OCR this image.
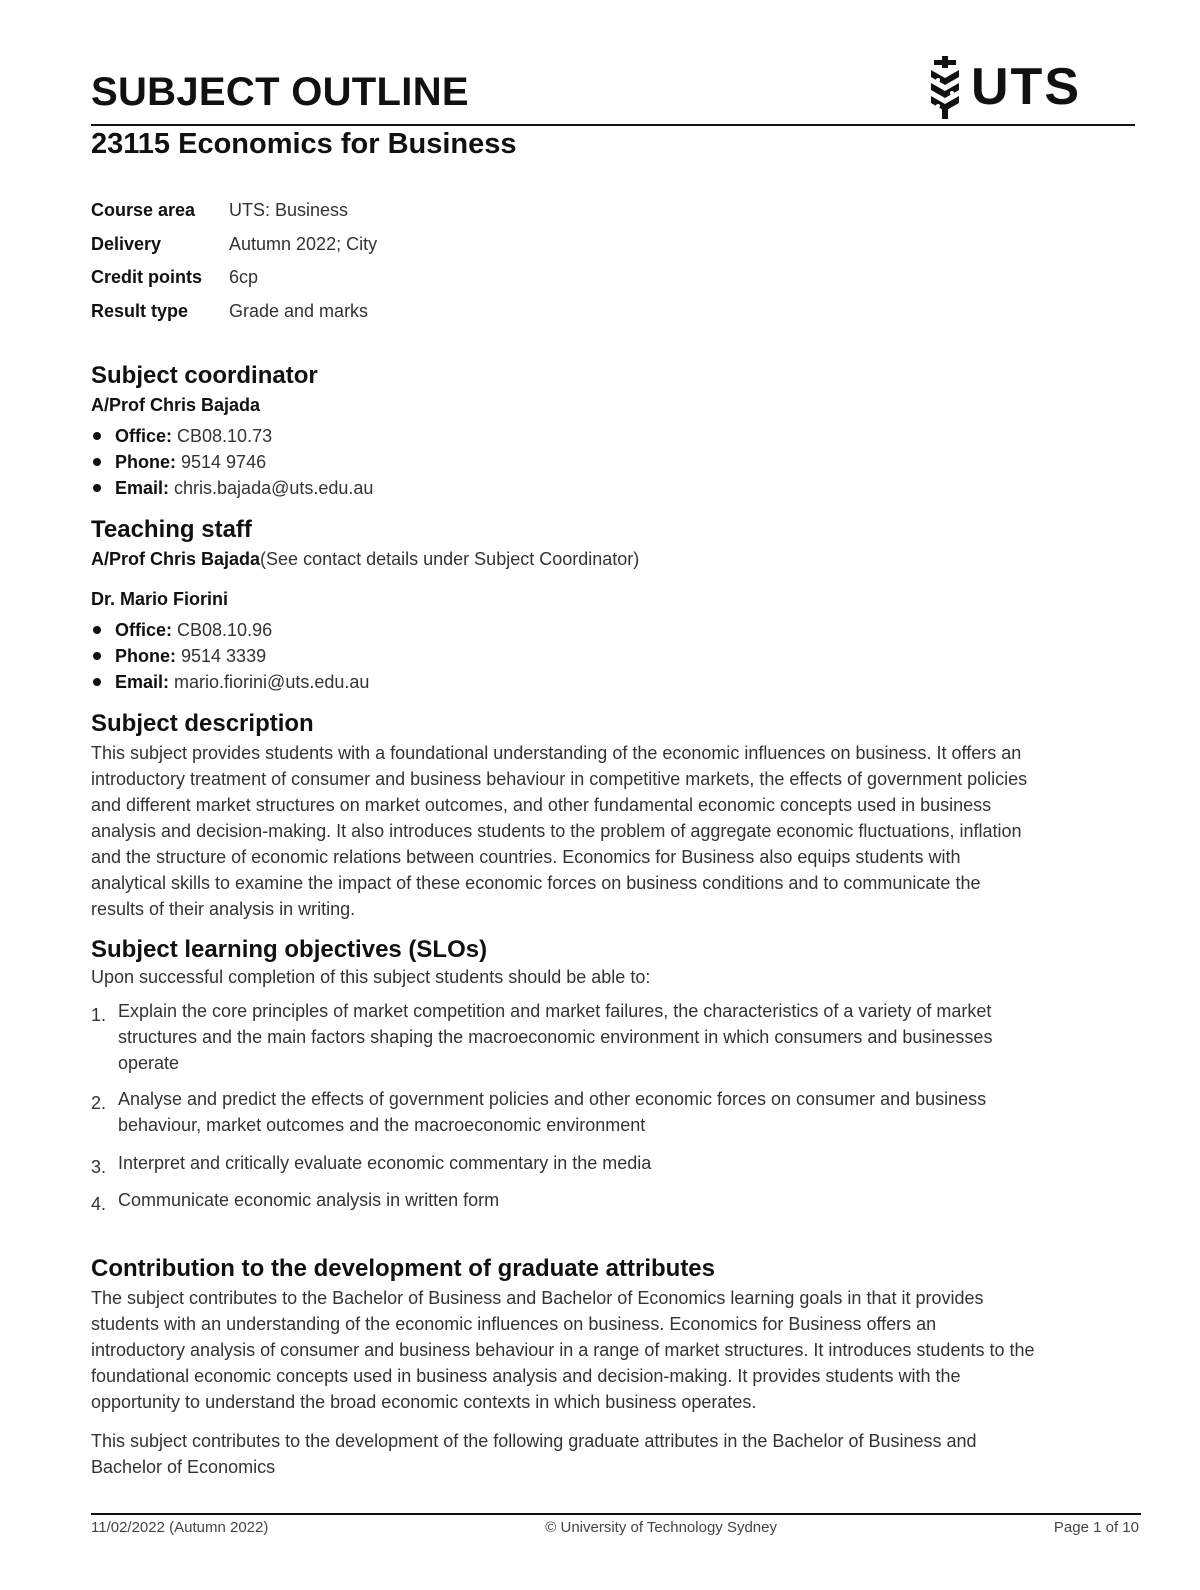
SUBJECT OUTLINE	UTS
23115 Economics for Business
Course area	UTS: Business
Delivery	Autumn 2022; City
Credit points	6cp
Result type	Grade and marks
Subject coordinator

A/Prof Chris Bajada

Office: CB08.10.73
Phone: 9514 9746
Email: chris.bajada@uts.edu.au
Teaching staff

A/Prof Chris Bajada(See contact details under Subject Coordinator)

Dr. Mario Fiorini

Office: CB08.10.96
Phone: 9514 3339
Email: mario.fiorini@uts.edu.au
Subject description
This subject provides students with a foundational understanding of the economic influences on business. It offers an
introductory treatment of consumer and business behaviour in competitive markets, the effects of government policies
and different market structures on market outcomes, and other fundamental economic concepts used in business
analysis and decision-making. It also introduces students to the problem of aggregate economic fluctuations, inflation
and the structure of economic relations between countries. Economics for Business also equips students with
analytical skills to examine the impact of these economic forces on business conditions and to communicate the
results of their analysis in writing.
Subject learning objectives (SLOs)

Upon successful completion of this subject students should be able to:

1. Explain the core principles of market competition and market failures, the characteristics of a variety of market
structures and the main factors shaping the macroeconomic environment in which consumers and businesses
operate
2. Analyse and predict the effects of government policies and other economic forces on consumer and business
behaviour, market outcomes and the macroeconomic environment
3. Interpret and critically evaluate economic commentary in the media
4. Communicate economic analysis in written form
Contribution to the development of graduate attributes
The subject contributes to the Bachelor of Business and Bachelor of Economics learning goals in that it provides
students with an understanding of the economic influences on business. Economics for Business offers an
introductory analysis of consumer and business behaviour in a range of market structures. It introduces students to the
foundational economic concepts used in business analysis and decision-making. It provides students with the
opportunity to understand the broad economic contexts in which business operates.
This subject contributes to the development of the following graduate attributes in the Bachelor of Business and
Bachelor of Economics
11/02/2022 (Autumn 2022)	© University of Technology Sydney	Page 1 of 10
